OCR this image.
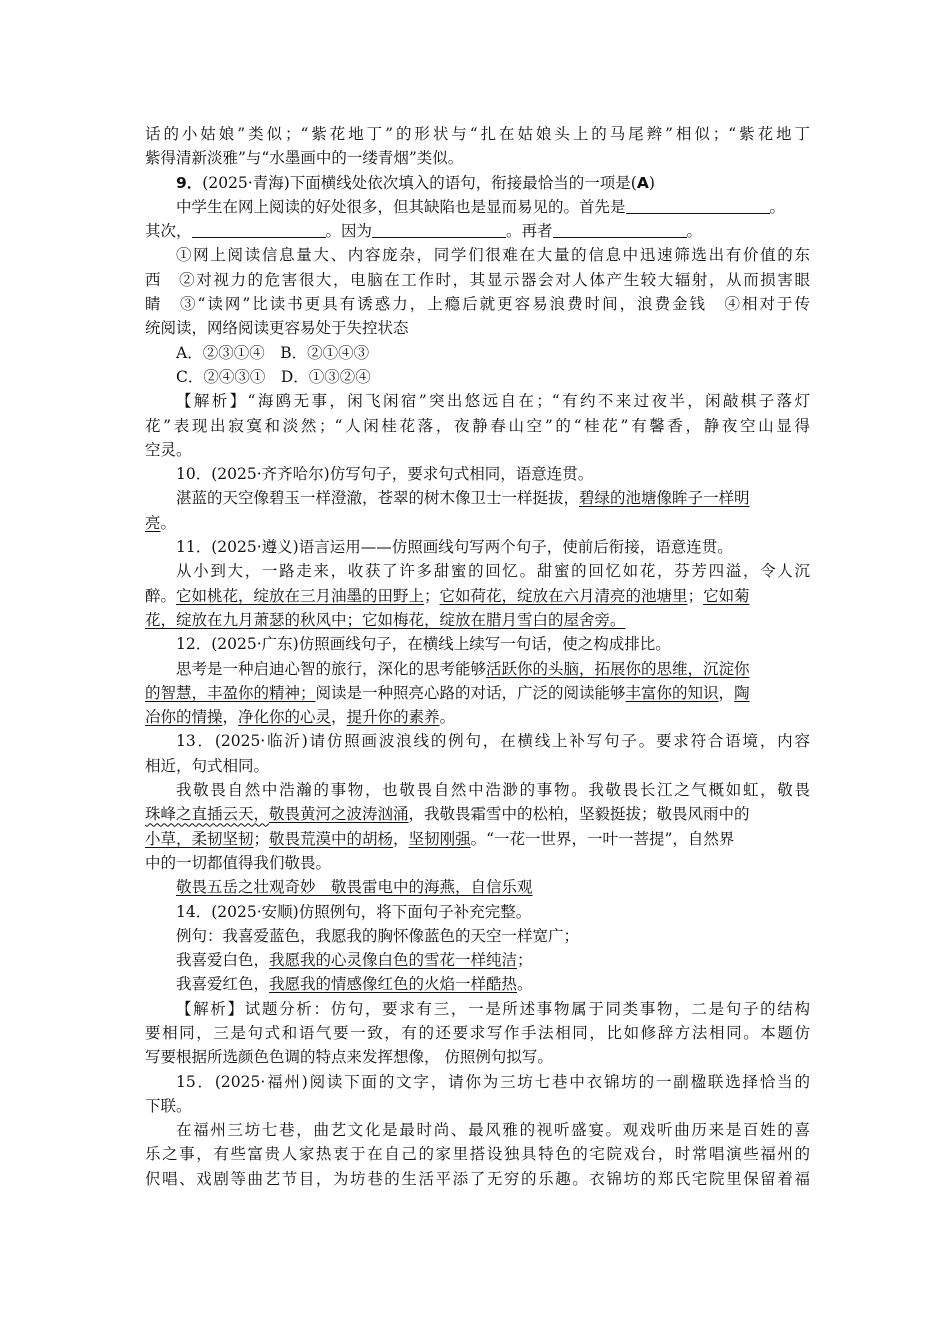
话的小姑娘”类似；“紫花地丁”的形状与“扎在姑娘头上的马尾辫”相似；“紫花地丁
紫得清新淡雅”与“水墨画中的一缕青烟”类似。
9．(2025·青海)下面横线处依次填入的语句，衔接最恰当的一项是(A)
中学生在网上阅读的好处很多，但其缺陷也是显而易见的。首先是	。
其次，	。因为	。再者	。
①网上阅读信息量大、内容庞杂，同学们很难在大量的信息中迅速筛选出有价值的东
西　②对视力的危害很大，电脑在工作时，其显示器会对人体产生较大辐射，从而损害眼
睛　③“读网”比读书更具有诱惑力，上瘾后就更容易浪费时间，浪费金钱　④相对于传
统阅读，网络阅读更容易处于失控状态
A．②③①④　B．②①④③
C．②④③①　D．①③②④
【解析】“海鸥无事，闲飞闲宿”突出悠远自在；“有约不来过夜半，闲敲棋子落灯
花”表现出寂寞和淡然；“人闲桂花落，夜静春山空”的“桂花”有馨香，静夜空山显得
空灵。
10．(2025·齐齐哈尔)仿写句子，要求句式相同，语意连贯。
湛蓝的天空像碧玉一样澄澈，苍翠的树木像卫士一样挺拔，碧绿的池塘像眸子一样明
亮。
11．(2025·遵义)语言运用——仿照画线句写两个句子，使前后衔接，语意连贯。
从小到大，一路走来，收获了许多甜蜜的回忆。甜蜜的回忆如花，芬芳四溢，令人沉
醉。它如桃花，绽放在三月油墨的田野上；它如荷花，绽放在六月清亮的池塘里；它如菊
花，绽放在九月萧瑟的秋风中；它如梅花，绽放在腊月雪白的屋舍旁。
12．(2025·广东)仿照画线句子，在横线上续写一句话，使之构成排比。
思考是一种启迪心智的旅行，深化的思考能够活跃你的头脑，拓展你的思维，沉淀你
的智慧，丰盈你的精神；阅读是一种照亮心路的对话，广泛的阅读能够丰富你的知识，陶
冶你的情操，净化你的心灵，提升你的素养。
13．(2025·临沂)请仿照画波浪线的例句，在横线上补写句子。要求符合语境，内容
相近，句式相同。
我敬畏自然中浩瀚的事物，也敬畏自然中浩渺的事物。我敬畏长江之气概如虹，敬畏
珠峰之直插云天，敬畏黄河之波涛汹涌，我敬畏霜雪中的松柏，坚毅挺拔；敬畏风雨中的
小草，柔韧坚韧；敬畏荒漠中的胡杨，坚韧刚强。“一花一世界，一叶一菩提”，自然界
中的一切都值得我们敬畏。
敬畏五岳之壮观奇妙　敬畏雷电中的海燕，自信乐观
14．(2025·安顺)仿照例句，将下面句子补充完整。
例句：我喜爱蓝色，我愿我的胸怀像蓝色的天空一样宽广；
我喜爱白色，我愿我的心灵像白色的雪花一样纯洁；
我喜爱红色，我愿我的情感像红色的火焰一样酷热。
【解析】试题分析：仿句，要求有三，一是所述事物属于同类事物，二是句子的结构
要相同，三是句式和语气要一致，有的还要求写作手法相同，比如修辞方法相同。本题仿
写要根据所选颜色色调的特点来发挥想像， 仿照例句拟写。
15．(2025·福州)阅读下面的文字，请你为三坊七巷中衣锦坊的一副楹联选择恰当的
下联。
在福州三坊七巷，曲艺文化是最时尚、最风雅的视听盛宴。观戏听曲历来是百姓的喜
乐之事，有些富贵人家热衷于在自己的家里搭设独具特色的宅院戏台，时常唱演些福州的
伬唱、戏剧等曲艺节目，为坊巷的生活平添了无穷的乐趣。衣锦坊的郑氏宅院里保留着福
